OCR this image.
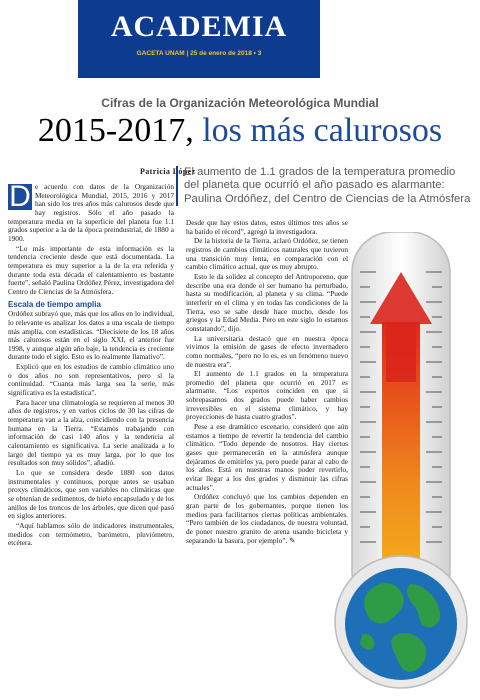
ACADEMIA
GACETA UNAM | 25 de enero de 2018 • 3
Cifras de la Organización Meteorológica Mundial
2015-2017, los más calurosos
Patricia López
El aumento de 1.1 grados de la temperatura promedio del planeta que ocurrió el año pasado es alarmante: Paulina Ordóñez, del Centro de Ciencias de la Atmósfera

D e acuerdo con datos de la Organización Meteorológica Mundial, 2015, 2016 y 2017 han sido los tres años más calurosos desde que hay registros. Sólo el año pasado la temperatura media en la superficie del planeta fue 1.1 grados superior a la de la época preindustrial, de 1880 a 1900.

“Lo más importante de esta información es la tendencia creciente desde que está documentada. La temperatura es muy superior a la de la era referida y durante toda esta década el calentamiento es bastante fuerte”, señaló Paulina Ordóñez Pérez, investigadora del Centro de Ciencias de la Atmósfera.

Escala de tiempo amplia

Ordóñez subrayó que, más que los años en lo individual, lo relevante es analizar los datos a una escala de tiempo más amplia, con estadísticas. “Diecisiete de los 18 años más calurosos están en el siglo XXI, el anterior fue 1998, y aunque algún año baje, la tendencia es creciente durante todo el siglo. Esto es lo realmente llamativo”.

Explicó que en los estudios de cambio climático uno o dos años no son representativos, pero sí la continuidad. “Cuanta más larga sea la serie, más significativa es la estadística”.

Para hacer una climatología se requieren al menos 30 años de registros, y en varios ciclos de 30 las cifras de temperatura van a la alza, coincidiendo con la presencia humana en la Tierra. “Estamos trabajando con información de casi 140 años y la tendencia al calentamiento es significativa. La serie analizada a lo largo del tiempo ya es muy larga, por lo que los resultados son muy sólidos”, añadió.

Lo que se considera desde 1880 son datos instrumentales y continuos, porque antes se usaban proxys climáticos, que son variables no climáticas que se obtenían de sedimentos, de hielo encapsulado y de los anillos de los troncos de los árboles, que dicen qué pasó en siglos anteriores.

“Aquí hablamos sólo de indicadores instrumentales, medidos con termómetro, barómetro, pluviómetro, etcétera.

Desde que hay estos datos, estos últimos tres años se ha batido el récord”, agregó la investigadora.

De la historia de la Tierra, aclaró Ordóñez, se tienen registros de cambios climáticos naturales que tuvieron una transición muy lenta, en comparación con el cambio climático actual, que es muy abrupto.

Esto le da solidez al concepto del Antropoceno, que describe una era donde el ser humano ha perturbado, hasta su modificación, al planeta y su clima. “Puede interferir en el clima y en todas las condiciones de la Tierra, eso se sabe desde hace mucho, desde los griegos y la Edad Media. Pero en este siglo lo estamos constatando”, dijo.

La universitaria destacó que en nuestra época vivimos la emisión de gases de efecto invernadero como normales, “pero no lo es, es un fenómeno nuevo de nuestra era”.

El aumento de 1.1 grados en la temperatura promedio del planeta que ocurrió en 2017 es alarmante. “Los expertos coinciden en que si sobrepasamos dos grados puede haber cambios irreversibles en el sistema climático, y hay proyecciones de hasta cuatro grados”.

Pese a ese dramático escenario, consideró que aún estamos a tiempo de revertir la tendencia del cambio climático. “Todo depende de nosotros. Hay ciertos gases que permanecerán en la atmósfera aunque dejáramos de emitirlos ya, pero puede parar al cabo de los años. Está en nuestras manos poder revertirlo, evitar llegar a los dos grados y disminuir las cifras actuales”.

Ordóñez concluyó que los cambios dependen en gran parte de los gobernantes, porque tienen los medios para facilitarnos ciertas políticas ambientales. “Pero también de los ciudadanos, de nuestra voluntad, de poner nuestro granito de arena usando bicicleta y separando la basura, por ejemplo”. ✎
